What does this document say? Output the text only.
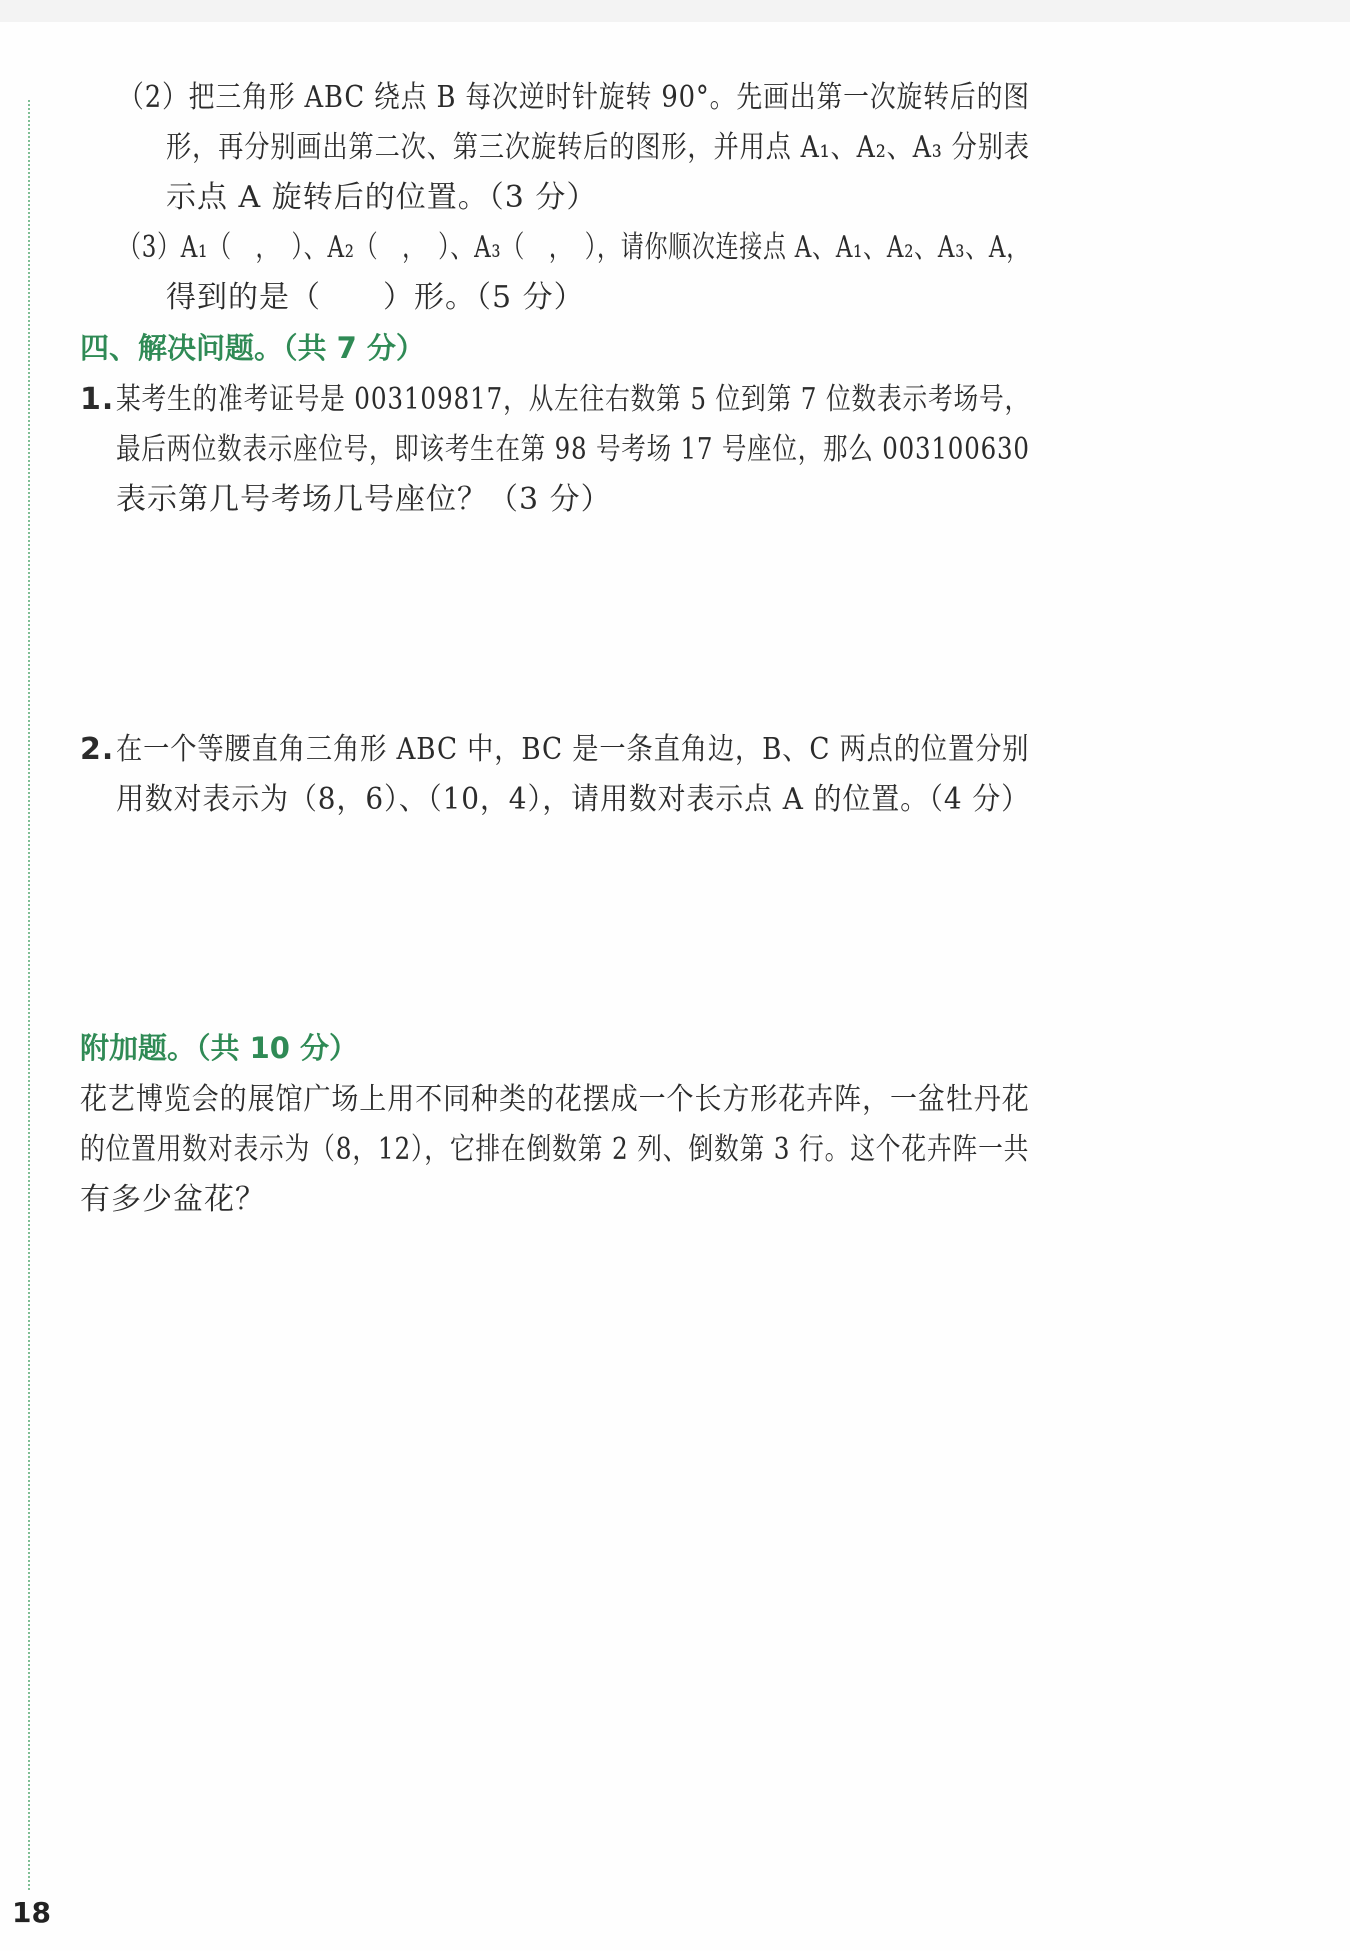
（2）把三角形 ABC 绕点 B 每次逆时针旋转 90°。先画出第一次旋转后的图
形，再分别画出第二次、第三次旋转后的图形，并用点 A₁、A₂、A₃ 分别表
示点 A 旋转后的位置。（3 分）
（3）A₁（　，　）、A₂（　，　）、A₃（　，　），请你顺次连接点 A、A₁、A₂、A₃、A，
得到的是（　　）形。（5 分）
四、解决问题。（共 7 分）
1. 某考生的准考证号是 003109817，从左往右数第 5 位到第 7 位数表示考场号，
最后两位数表示座位号，即该考生在第 98 号考场 17 号座位，那么 003100630
表示第几号考场几号座位？（3 分）
2. 在一个等腰直角三角形 ABC 中，BC 是一条直角边，B、C 两点的位置分别
用数对表示为（8，6）、（10，4），请用数对表示点 A 的位置。（4 分）
附加题。（共 10 分）
花艺博览会的展馆广场上用不同种类的花摆成一个长方形花卉阵，一盆牡丹花
的位置用数对表示为（8，12），它排在倒数第 2 列、倒数第 3 行。这个花卉阵一共
有多少盆花？
18
